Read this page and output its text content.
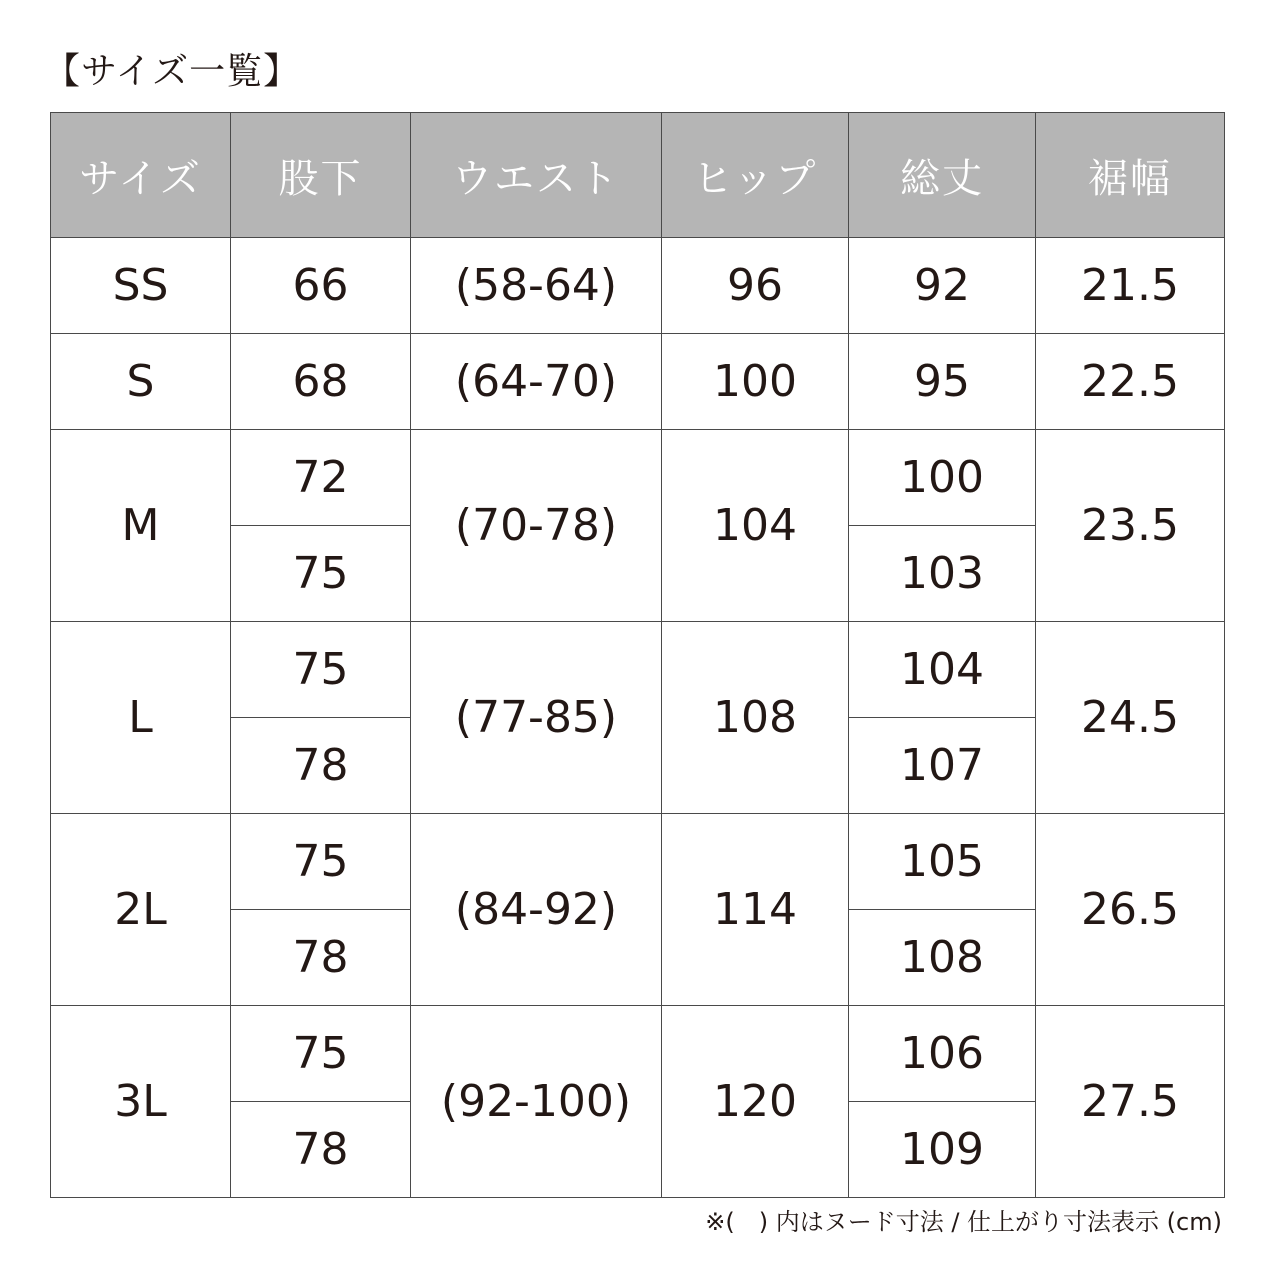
【サイズ一覧】
サイズ	股下	ウエスト	ヒップ	総丈	裾幅
SS	66	(58-64)	96	92	21.5
S	68	(64-70)	100	95	22.5
M	72	(70-78)	104	100	23.5
	75			103	
L	75	(77-85)	108	104	24.5
	78			107	
2L	75	(84-92)	114	105	26.5
	78			108	
3L	75	(92-100)	120	106	27.5
	78			109	
※(　) 内はヌード寸法 / 仕上がり寸法表示 (cm)
